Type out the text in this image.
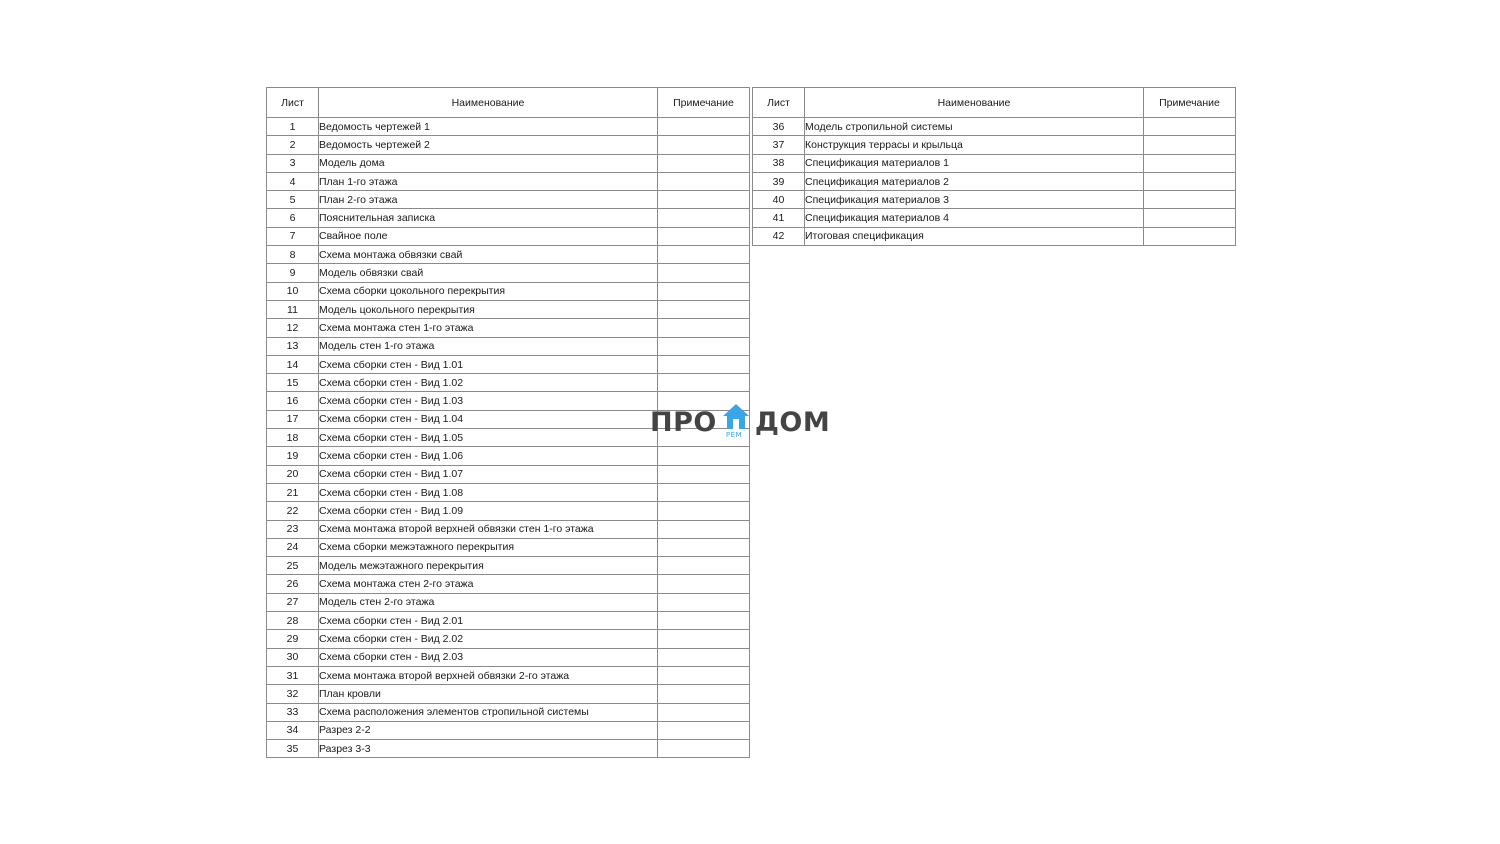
Лист	Наименование	Примечание
1	Ведомость чертежей 1	
2	Ведомость чертежей 2	
3	Модель дома	
4	План 1-го этажа	
5	План 2-го этажа	
6	Пояснительная записка	
7	Свайное поле	
8	Схема монтажа обвязки свай	
9	Модель обвязки свай	
10	Схема сборки цокольного перекрытия	
11	Модель цокольного перекрытия	
12	Схема монтажа стен 1-го этажа	
13	Модель стен 1-го этажа	
14	Схема сборки стен - Вид 1.01	
15	Схема сборки стен - Вид 1.02	
16	Схема сборки стен - Вид 1.03	
17	Схема сборки стен - Вид 1.04	
18	Схема сборки стен - Вид 1.05	
19	Схема сборки стен - Вид 1.06	
20	Схема сборки стен - Вид 1.07	
21	Схема сборки стен - Вид 1.08	
22	Схема сборки стен - Вид 1.09	
23	Схема монтажа второй верхней обвязки стен 1-го этажа	
24	Схема сборки межэтажного перекрытия	
25	Модель межэтажного перекрытия	
26	Схема монтажа стен 2-го этажа	
27	Модель стен 2-го этажа	
28	Схема сборки стен - Вид 2.01	
29	Схема сборки стен - Вид 2.02	
30	Схема сборки стен - Вид 2.03	
31	Схема монтажа второй верхней обвязки 2-го этажа	
32	План кровли	
33	Схема расположения элементов стропильной системы	
34	Разрез 2-2	
35	Разрез 3-3	
Лист	Наименование	Примечание
36	Модель стропильной системы	
37	Конструкция террасы и крыльца	
38	Спецификация материалов 1	
39	Спецификация материалов 2	
40	Спецификация материалов 3	
41	Спецификация материалов 4	
42	Итоговая спецификация	
ПРО РЕМ ДОМ
